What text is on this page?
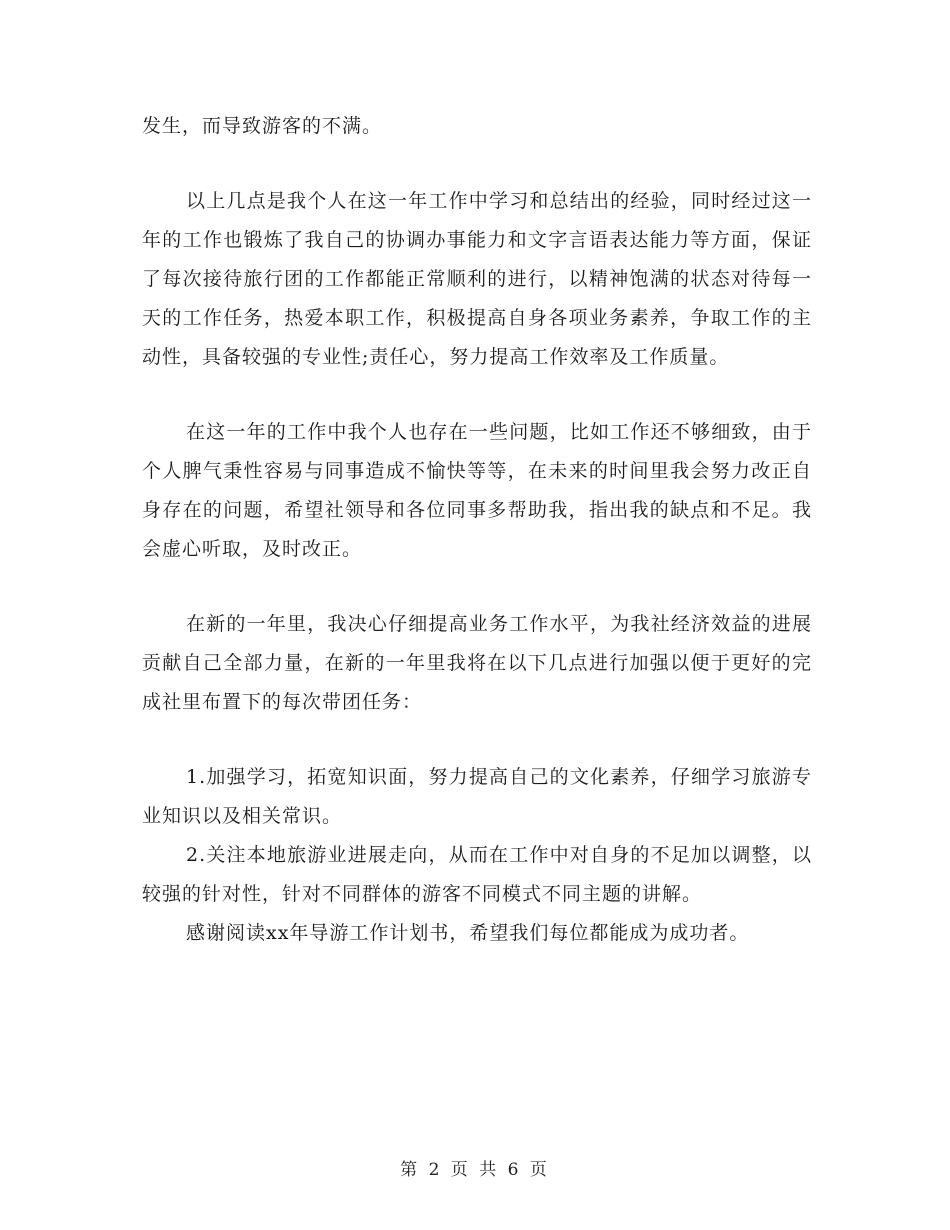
发生，而导致游客的不满。

以上几点是我个人在这一年工作中学习和总结出的经验，同时经过这一年的工作也锻炼了我自己的协调办事能力和文字言语表达能力等方面，保证了每次接待旅行团的工作都能正常顺利的进行，以精神饱满的状态对待每一天的工作任务，热爱本职工作，积极提高自身各项业务素养，争取工作的主动性，具备较强的专业性;责任心，努力提高工作效率及工作质量。

在这一年的工作中我个人也存在一些问题，比如工作还不够细致，由于个人脾气秉性容易与同事造成不愉快等等，在未来的时间里我会努力改正自身存在的问题，希望社领导和各位同事多帮助我，指出我的缺点和不足。我会虚心听取，及时改正。

在新的一年里，我决心仔细提高业务工作水平，为我社经济效益的进展贡献自己全部力量，在新的一年里我将在以下几点进行加强以便于更好的完成社里布置下的每次带团任务：

1.加强学习，拓宽知识面，努力提高自己的文化素养，仔细学习旅游专业知识以及相关常识。

2.关注本地旅游业进展走向，从而在工作中对自身的不足加以调整，以较强的针对性，针对不同群体的游客不同模式不同主题的讲解。

感谢阅读xx年导游工作计划书，希望我们每位都能成为成功者。

第 2 页 共 6 页
